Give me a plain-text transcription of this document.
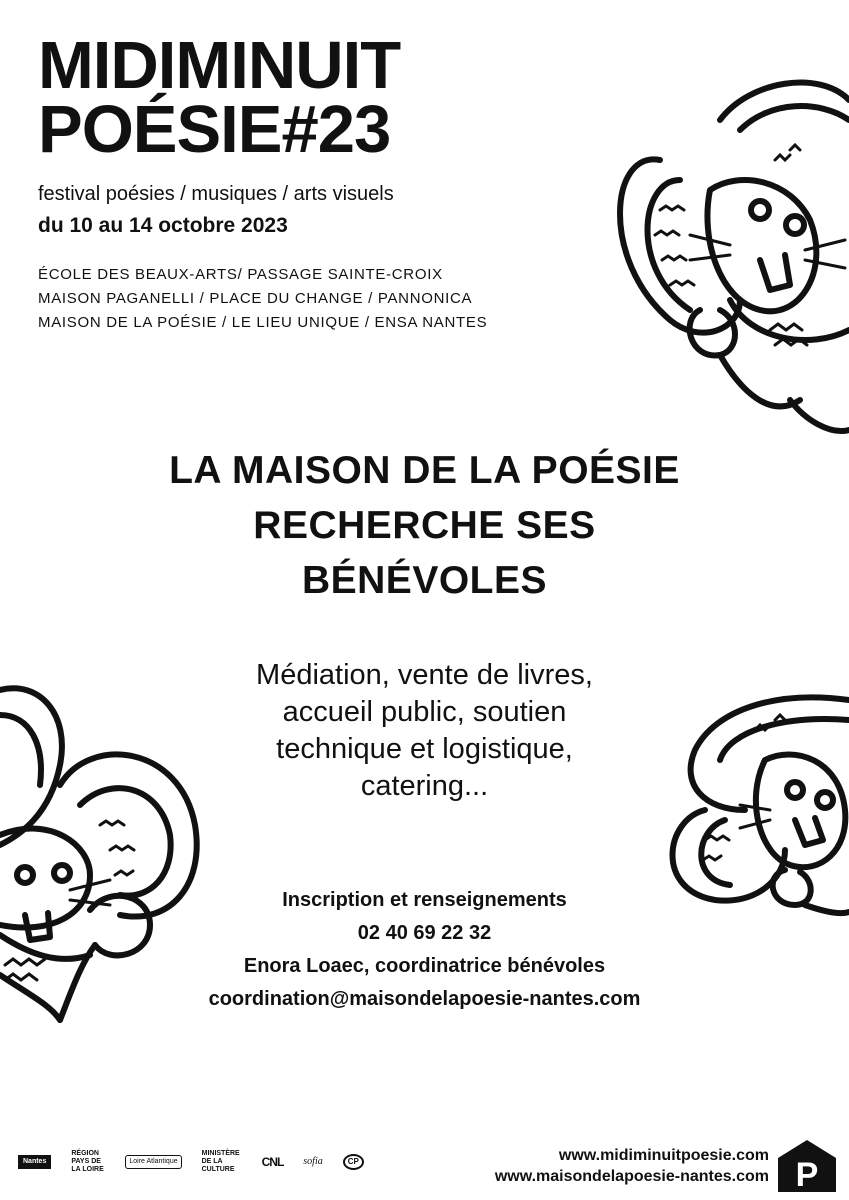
MIDIMINUIT
POÉSIE#23
festival poésies / musiques / arts visuels
du 10 au 14 octobre 2023
ÉCOLE DES BEAUX-ARTS/ PASSAGE SAINTE-CROIX
MAISON PAGANELLI / PLACE DU CHANGE / PANNONICA
MAISON DE LA POÉSIE / LE LIEU UNIQUE / ENSA NANTES
LA MAISON DE LA POÉSIE
RECHERCHE SES
BÉNÉVOLES
Médiation, vente de livres,
accueil public, soutien
technique et logistique,
catering...
Inscription et renseignements
02 40 69 22 32
Enora Loaec, coordinatrice bénévoles
coordination@maisondelapoesie-nantes.com
Nantes
RÉGION PAYS DE LA LOIRE
Loire Atlantique
MINISTÈRE DE LA CULTURE
CNL sofia	CP	www.midiminuitpoesie.com
www.maisondelapoesie-nantes.com P
